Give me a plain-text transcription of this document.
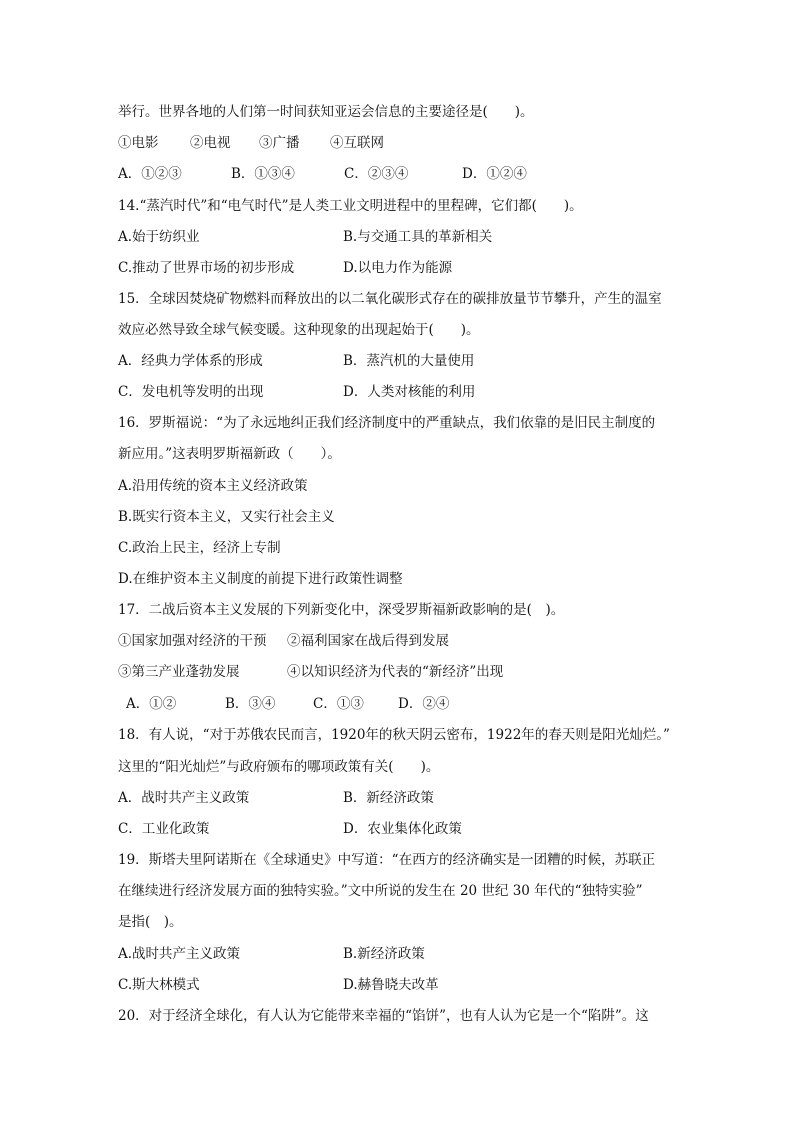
举行。世界各地的人们第一时间获知亚运会信息的主要途径是(　　)。
①电影 ②电视 ③广播 ④互联网
A．①②③	B．①③④	C．②③④	D．①②④
14.“蒸汽时代”和“电气时代”是人类工业文明进程中的里程碑，它们都(　　)。
A.始于纺织业	B.与交通工具的革新相关
C.推动了世界市场的初步形成	D.以电力作为能源
15．全球因焚烧矿物燃料而释放出的以二氧化碳形式存在的碳排放量节节攀升，产生的温室
效应必然导致全球气候变暖。这种现象的出现起始于(　　)。
A．经典力学体系的形成	B．蒸汽机的大量使用
C．发电机等发明的出现	D．人类对核能的利用
16．罗斯福说：“为了永远地纠正我们经济制度中的严重缺点，我们依靠的是旧民主制度的
新应用。”这表明罗斯福新政（　　）。
A.沿用传统的资本主义经济政策
B.既实行资本主义，又实行社会主义
C.政治上民主，经济上专制
D.在维护资本主义制度的前提下进行政策性调整
17．二战后资本主义发展的下列新变化中，深受罗斯福新政影响的是(　)。
①国家加强对经济的干预 ②福利国家在战后得到发展
③第三产业蓬勃发展	④以知识经济为代表的“新经济”出现
A．①②	B．③④	C．①③	D．②④
18．有人说，“对于苏俄农民而言，1920年的秋天阴云密布，1922年的春天则是阳光灿烂。”
这里的“阳光灿烂”与政府颁布的哪项政策有关(　　)。
A．战时共产主义政策	B．新经济政策
C．工业化政策	D．农业集体化政策
19．斯塔夫里阿诺斯在《全球通史》中写道：“在西方的经济确实是一团糟的时候，苏联正
在继续进行经济发展方面的独特实验。”文中所说的发生在 20 世纪 30 年代的“独特实验”
是指(　)。
A.战时共产主义政策	B.新经济政策
C.斯大林模式	D.赫鲁晓夫改革
20．对于经济全球化，有人认为它能带来幸福的“馅饼”，也有人认为它是一个“陷阱”。这
